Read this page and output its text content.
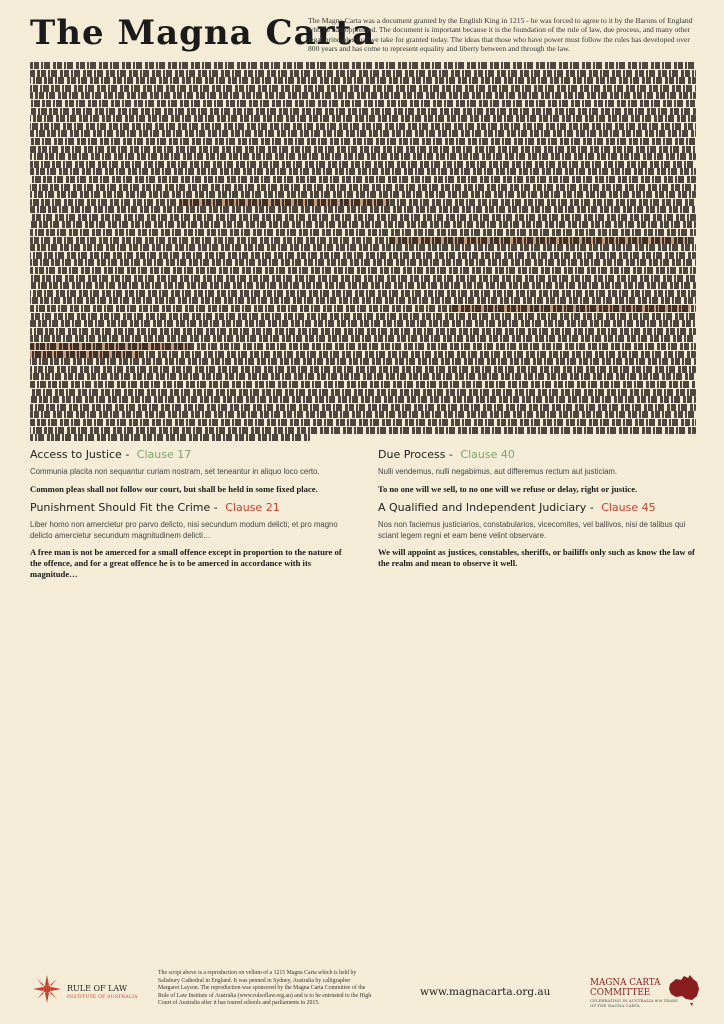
The Magna Carta

The Magna Carta was a document granted by the English King in 1215 - he was forced to agree to it by the Barons of England who he had oppressed. The document is important because it is the foundation of the rule of law, due process, and many other legal principles that we take for granted today. The ideas that those who have power must follow the rules has developed over 800 years and has come to represent equality and liberty between and through the law.

Access to Justice - Clause 17

Communia placita non sequantur curiam nostram, set teneantur in aliquo loco certo.

Common pleas shall not follow our court, but shall be held in some fixed place.

Due Process - Clause 40

Nulli vendemus, nulli negabimus, aut differemus rectum aut justiciam.

To no one will we sell, to no one will we refuse or delay, right or justice.

Punishment Should Fit the Crime - Clause 21

Liber homo non amercietur pro parvo delicto, nisi secundum modum delicti; et pro magno delicto amercietur secundum magnitudinem delicti…

A free man is not be amerced for a small offence except in proportion to the nature of the offence, and for a great offence he is to be amerced in accordance with its magnitude…

A Qualified and Independent Judiciary - Clause 45

Nos non faciemus justiciarios, constabularios, vicecomites, vel ballivos, nisi de talibus qui sciant legem regni et eam bene velint observare.

We will appoint as justices, constables, sheriffs, or bailiffs only such as know the law of the realm and mean to observe it well.

RULE OF LAW
INSTITUTE OF AUSTRALIA

The script above is a reproduction on vellum of a 1215 Magna Carta which is held by Salisbury Cathedral in England. It was penned in Sydney, Australia by calligrapher Margaret Layson. The reproduction was sponsored by the Magna Carta Committee of the Rule of Law Institute of Australia (www.ruleoflaw.org.au) and is to be entrusted to the High Court of Australia after it has toured schools and parliaments in 2015.

www.magnacarta.org.au
MAGNA CARTA
COMMITTEE
CELEBRATING IN AUSTRALIA 800 YEARS OF THE MAGNA CARTA
